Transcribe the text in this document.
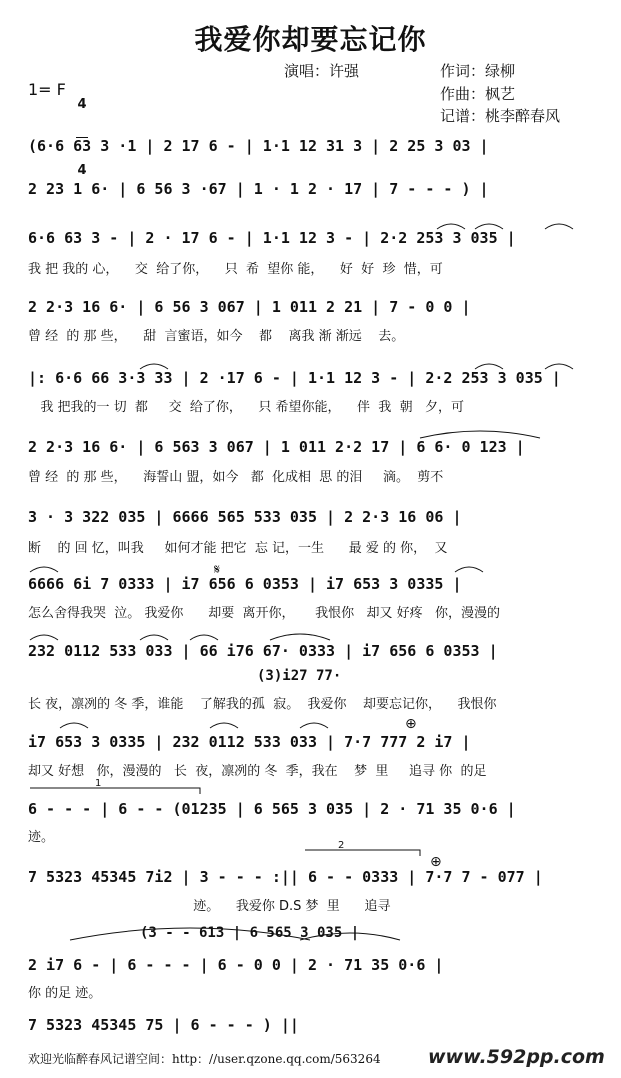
𝄋
⊕
⊕
我爱你却要忘记你
演唱：许强	作词：绿柳
作曲：枫艺
记谱：桃李醉春风
1= F

4

4

(6·6 63 3 ·1 | 2 17 6 - | 1·1 12 31 3 | 2 25 3 03 |
2 23 1 6· | 6 56 3 ·67 | 1 · 1 2 · 17 | 7 - - - ) |
6·6 63 3 - | 2 · 17 6 - | 1·1 12 3 - | 2·2 253 3 035 |
我 把 我的 心，    交  给了你，    只  希  望你 能，    好  好  珍  惜，可
2 2·3 16 6· | 6 56 3 067 | 1 011 2 21 | 7 - 0 0 |
曾 经  的 那 些，    甜  言蜜语，如今    都    离我 渐 渐远    去。
|: 6·6 66 3·3 33 | 2 ·17 6 - | 1·1 12 3 - | 2·2 253 3 035 |
我 把我的一 切  都     交  给了你，    只 希望你能，    伴  我  朝   夕，可
2 2·3 16 6· | 6 563 3 067 | 1 011 2·2 17 | 6 6· 0 123 |
曾 经  的 那 些，    海誓山 盟，如今   都  化成相  思 的泪     滴。  剪不
3 · 3 322 035 | 6666 565 533 035 | 2 2·3 16 06 |
断    的 回 忆，叫我     如何才能 把它  忘 记，一生      最 爱 的 你，  又
6666 6i 7 0333 | i7 656 6 0353 | i7 653 3 0335 |
怎么舍得我哭  泣。 我爱你      却要  离开你，     我恨你   却又 好疼   你，漫漫的
232 0112 533 033 | 66 i76 67· 0333 | i7 656 6 0353 |
(3)i27 77·
长 夜，凛冽的 冬 季，谁能    了解我的孤  寂。  我爱你    却要忘记你，    我恨你
i7 653 3 0335 | 232 0112 533 033 | 7·7 777 2 i7 |
却又 好想   你，漫漫的   长  夜，凛冽的 冬  季，我在    梦  里     追寻 你  的足
1
6 - - - | 6 - - (01235 | 6 565 3 035 | 2 · 71 35 0·6 |
迹。
2
7 5323 45345 7i2 | 3 - - - :|| 6 - - 0333 | 7·7 7 - 077 |
迹。    我爱你 D.S 梦  里      追寻
(3 - - 613 | 6 565 3 035 |
2 i7 6 - | 6 - - - | 6 - 0 0 | 2 · 71 35 0·6 |
你 的足 迹。
7 5323 45345 75 | 6 - - - ) ||
欢迎光临醉春风记谱空间：http：//user.qzone.qq.com/563264 www.592pp.com
